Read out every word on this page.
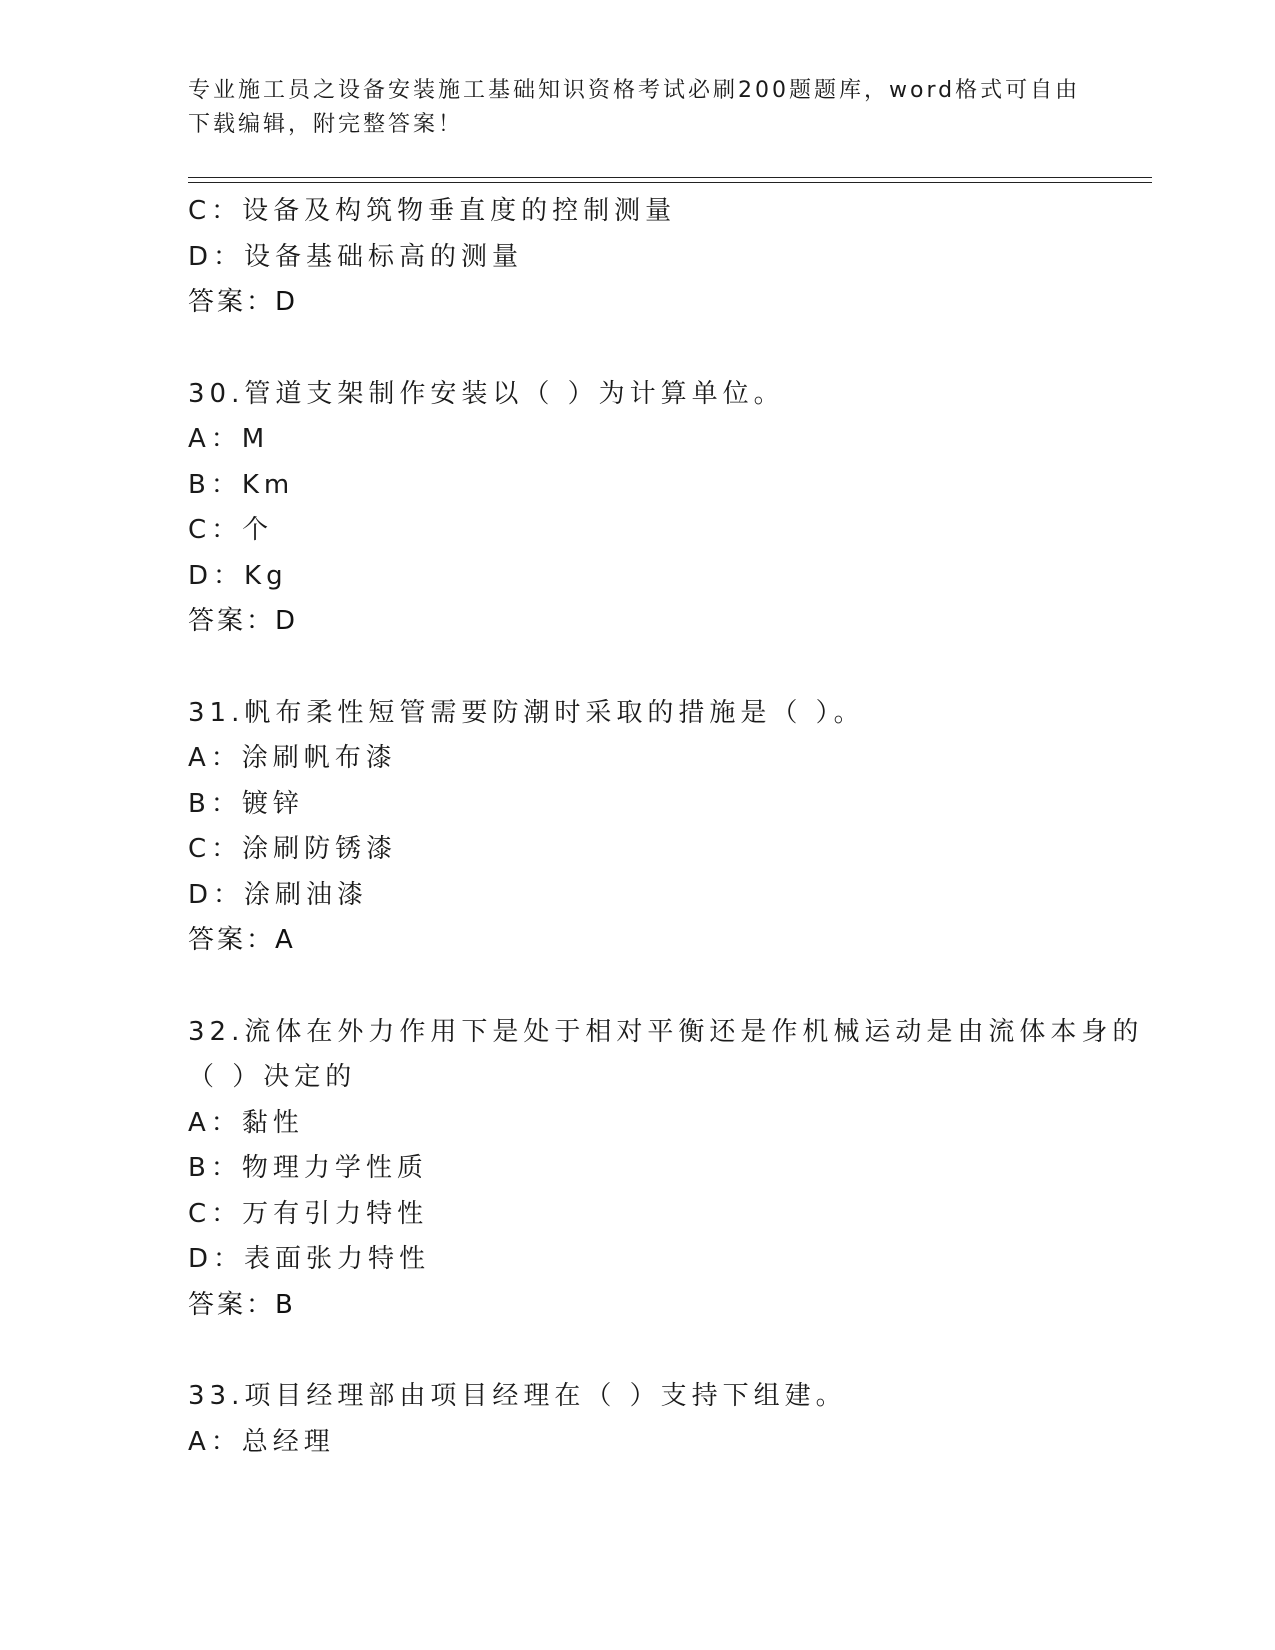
专业施工员之设备安装施工基础知识资格考试必刷200题题库，word格式可自由
下载编辑，附完整答案！
C：设备及构筑物垂直度的控制测量
D：设备基础标高的测量
答案：D
30.管道支架制作安装以（ ）为计算单位。
A：M
B：Km
C：个
D：Kg
答案：D
31.帆布柔性短管需要防潮时采取的措施是（ ）。
A：涂刷帆布漆
B：镀锌
C：涂刷防锈漆
D：涂刷油漆
答案：A
32.流体在外力作用下是处于相对平衡还是作机械运动是由流体本身的
（ ）决定的
A：黏性
B：物理力学性质
C：万有引力特性
D：表面张力特性
答案：B
33.项目经理部由项目经理在（ ）支持下组建。
A：总经理
